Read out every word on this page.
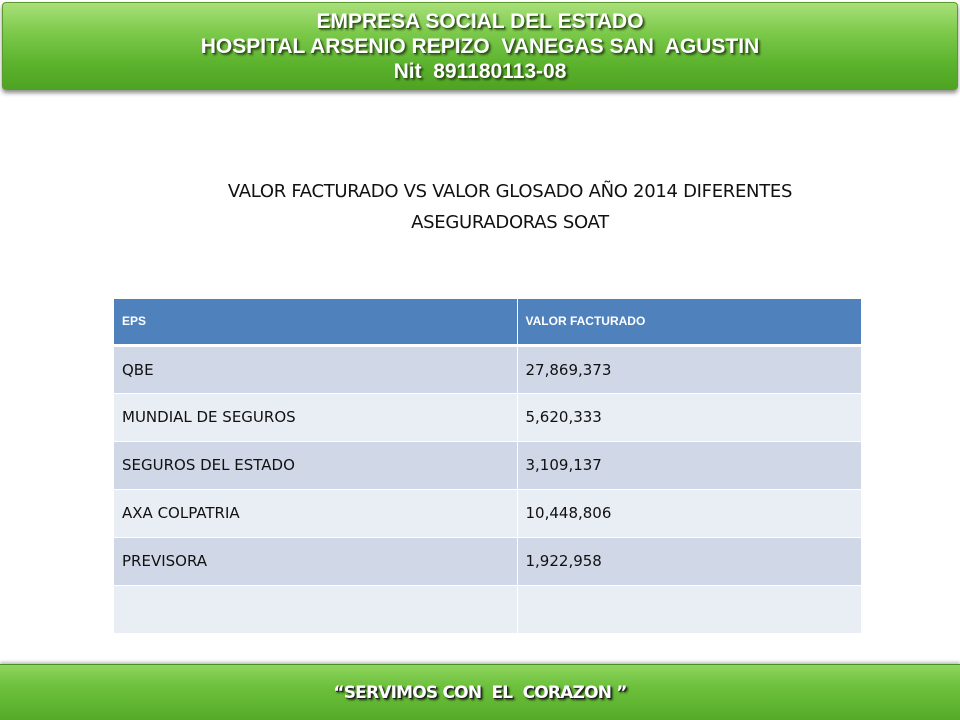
EMPRESA SOCIAL DEL ESTADO
HOSPITAL ARSENIO REPIZO  VANEGAS SAN  AGUSTIN
Nit  891180113-08
VALOR FACTURADO VS VALOR GLOSADO AÑO 2014 DIFERENTES
ASEGURADORAS SOAT
EPS	VALOR FACTURADO
QBE	27,869,373
MUNDIAL DE SEGUROS	5,620,333
SEGUROS DEL ESTADO	3,109,137
AXA COLPATRIA	10,448,806
PREVISORA	1,922,958

“SERVIMOS CON  EL  CORAZON ”
